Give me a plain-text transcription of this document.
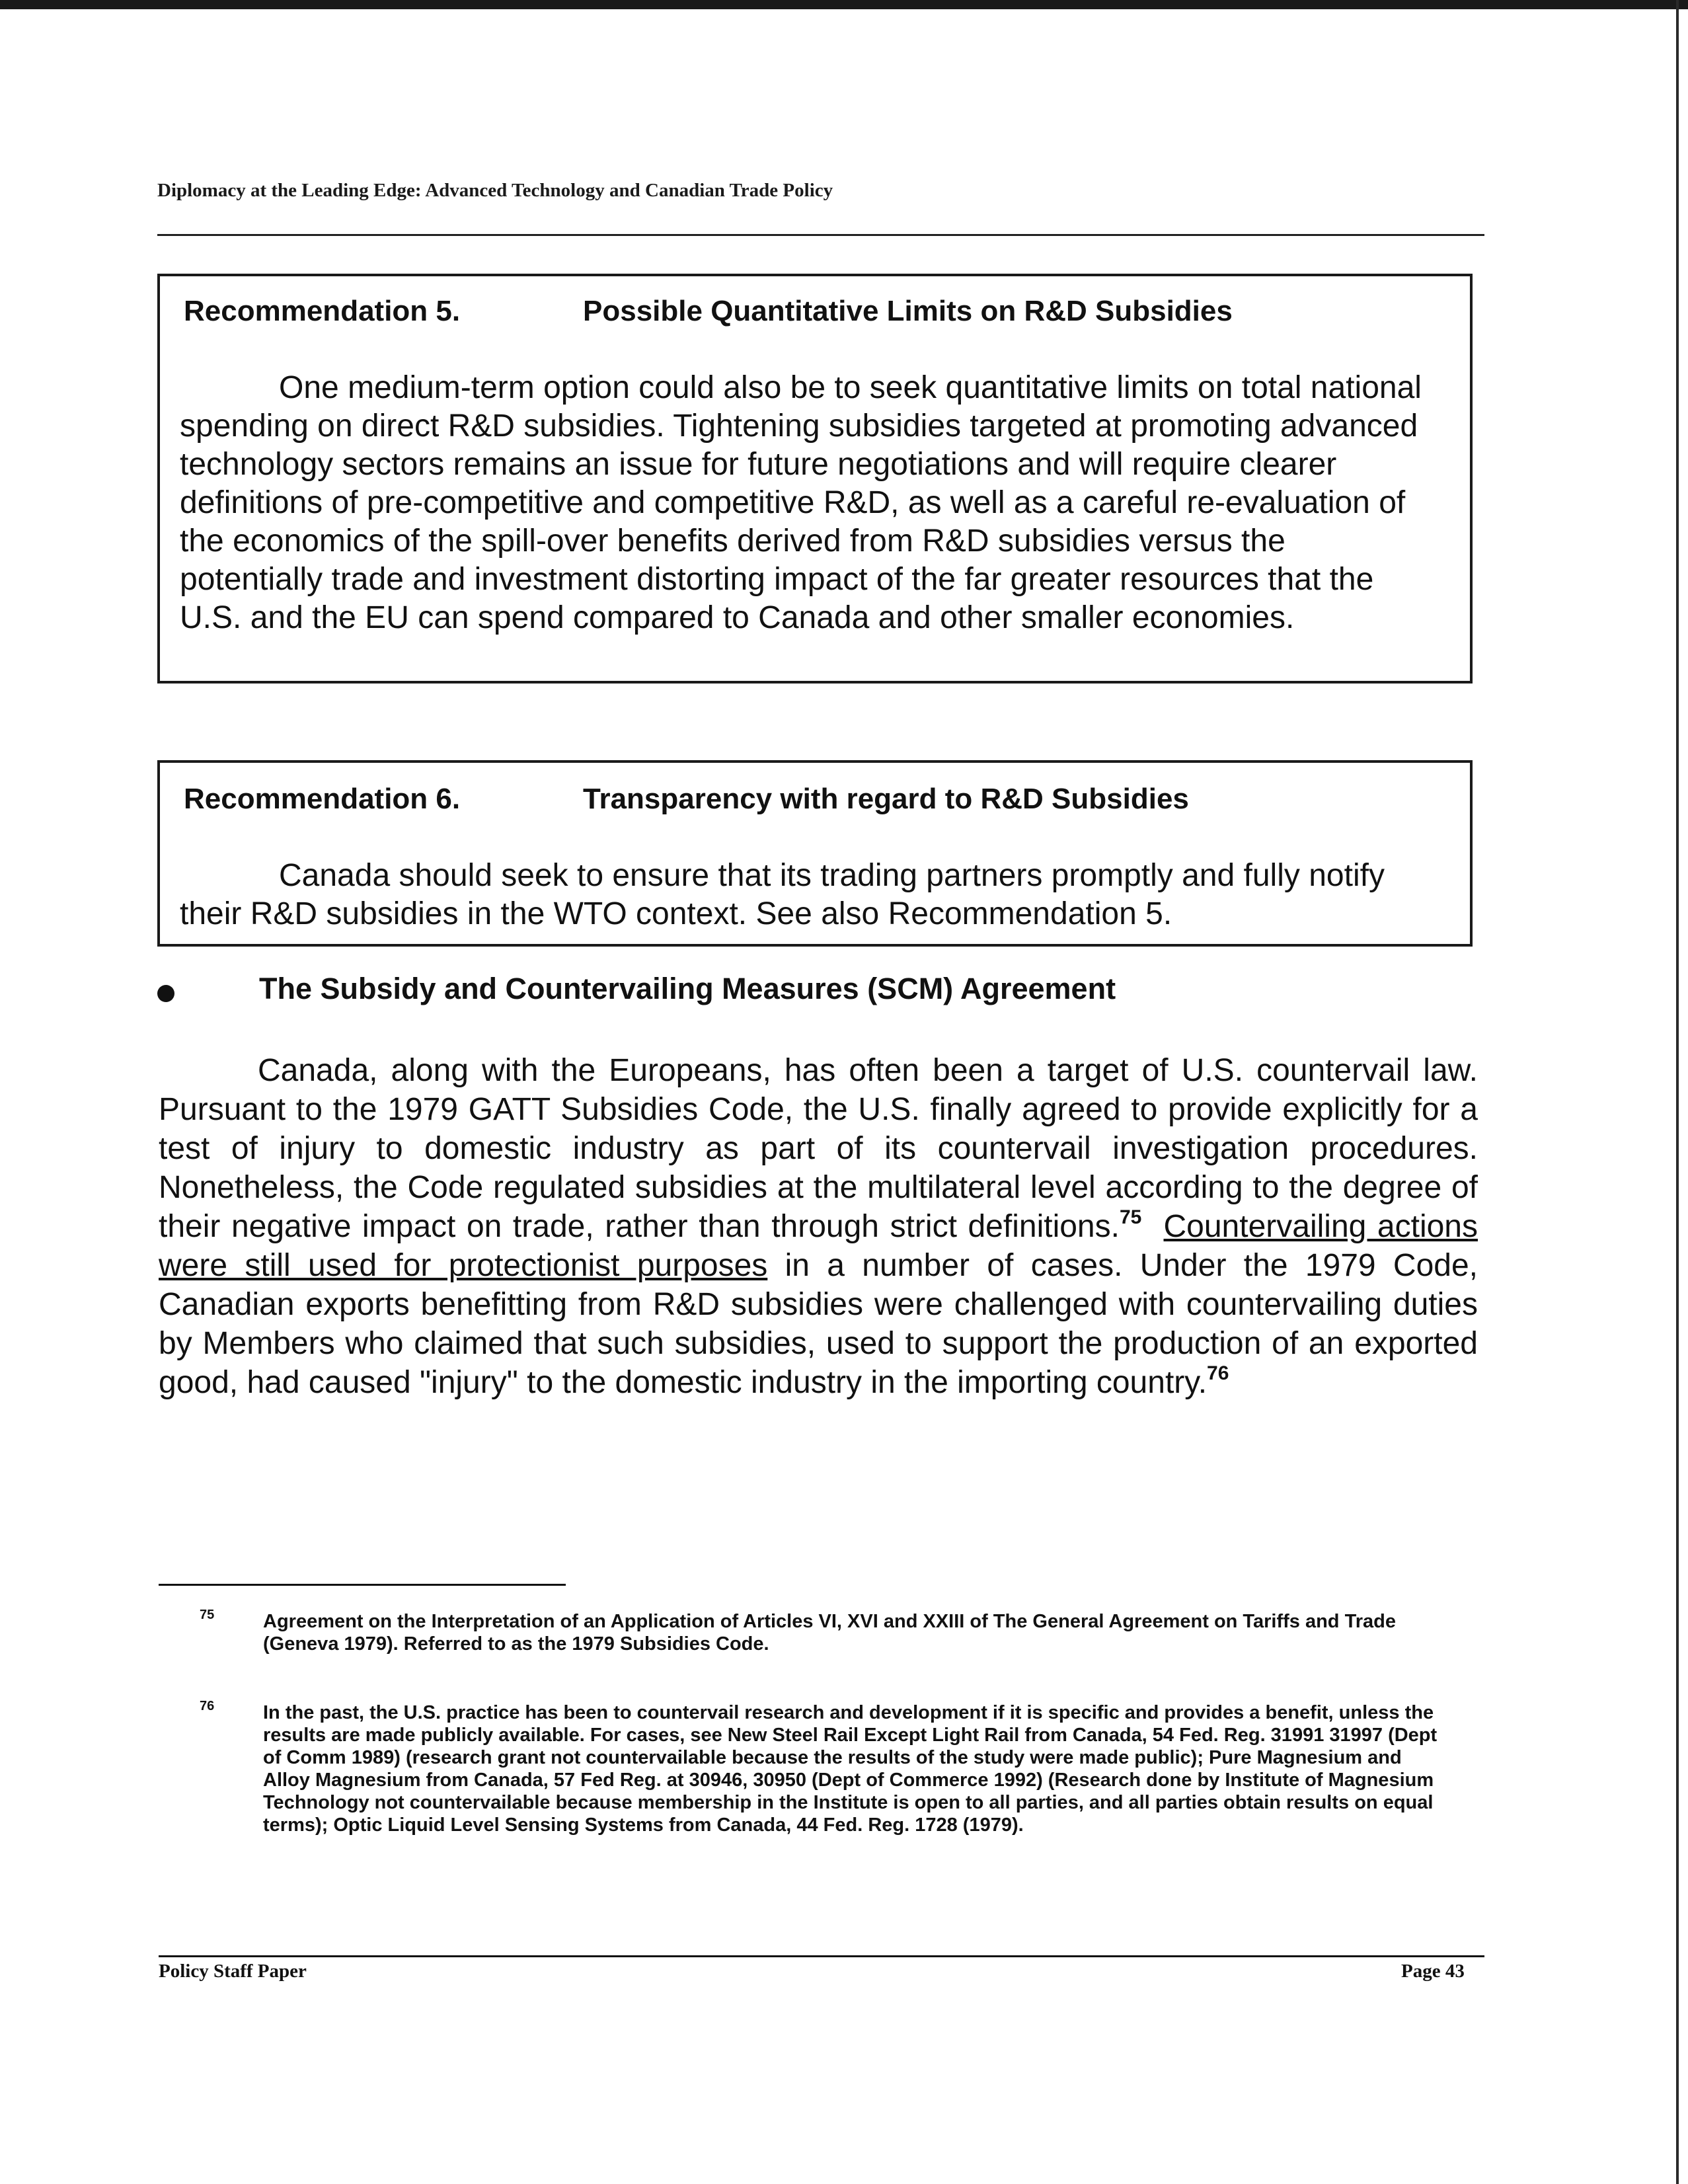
Diplomacy at the Leading Edge: Advanced Technology and Canadian Trade Policy
Recommendation 5.	Possible Quantitative Limits on R&D Subsidies
One medium-term option could also be to seek quantitative limits on total national spending on direct R&D subsidies. Tightening subsidies targeted at promoting advanced technology sectors remains an issue for future negotiations and will require clearer definitions of pre-competitive and competitive R&D, as well as a careful re-evaluation of the economics of the spill-over benefits derived from R&D subsidies versus the potentially trade and investment distorting impact of the far greater resources that the U.S. and the EU can spend compared to Canada and other smaller economies.
Recommendation 6.	Transparency with regard to R&D Subsidies
Canada should seek to ensure that its trading partners promptly and fully notify their R&D subsidies in the WTO context. See also Recommendation 5.
The Subsidy and Countervailing Measures (SCM) Agreement
Canada, along with the Europeans, has often been a target of U.S. countervail law. Pursuant to the 1979 GATT Subsidies Code, the U.S. finally agreed to provide explicitly for a test of injury to domestic industry as part of its countervail investigation procedures. Nonetheless, the Code regulated subsidies at the multilateral level according to the degree of their negative impact on trade, rather than through strict definitions.$^{75}$ Countervailing actions were still used for protectionist purposes in a number of cases. Under the 1979 Code, Canadian exports benefitting from R&D subsidies were challenged with countervailing duties by Members who claimed that such subsidies, used to support the production of an exported good, had caused "injury" to the domestic industry in the importing country.$^{76}$
75	Agreement on the Interpretation of an Application of Articles VI, XVI and XXIII of The General Agreement on Tariffs and Trade (Geneva 1979). Referred to as the 1979 Subsidies Code.
76	In the past, the U.S. practice has been to countervail research and development if it is specific and provides a benefit, unless the results are made publicly available. For cases, see New Steel Rail Except Light Rail from Canada, 54 Fed. Reg. 31991 31997 (Dept of Comm 1989) (research grant not countervailable because the results of the study were made public); Pure Magnesium and Alloy Magnesium from Canada, 57 Fed Reg. at 30946, 30950 (Dept of Commerce 1992) (Research done by Institute of Magnesium Technology not countervailable because membership in the Institute is open to all parties, and all parties obtain results on equal terms); Optic Liquid Level Sensing Systems from Canada, 44 Fed. Reg. 1728 (1979).
Policy Staff Paper	Page 43
